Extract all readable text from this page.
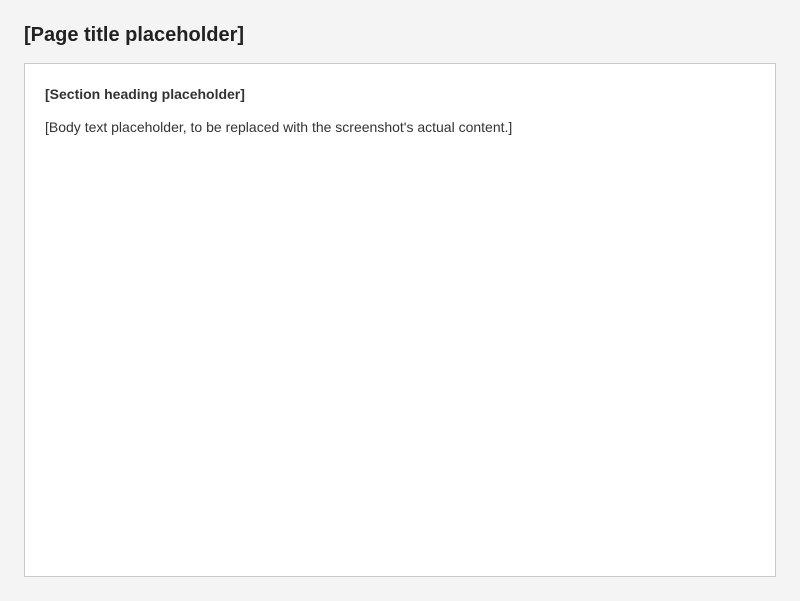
[Page title placeholder]
[Section heading placeholder]

[Body text placeholder, to be replaced with the screenshot's actual content.]
